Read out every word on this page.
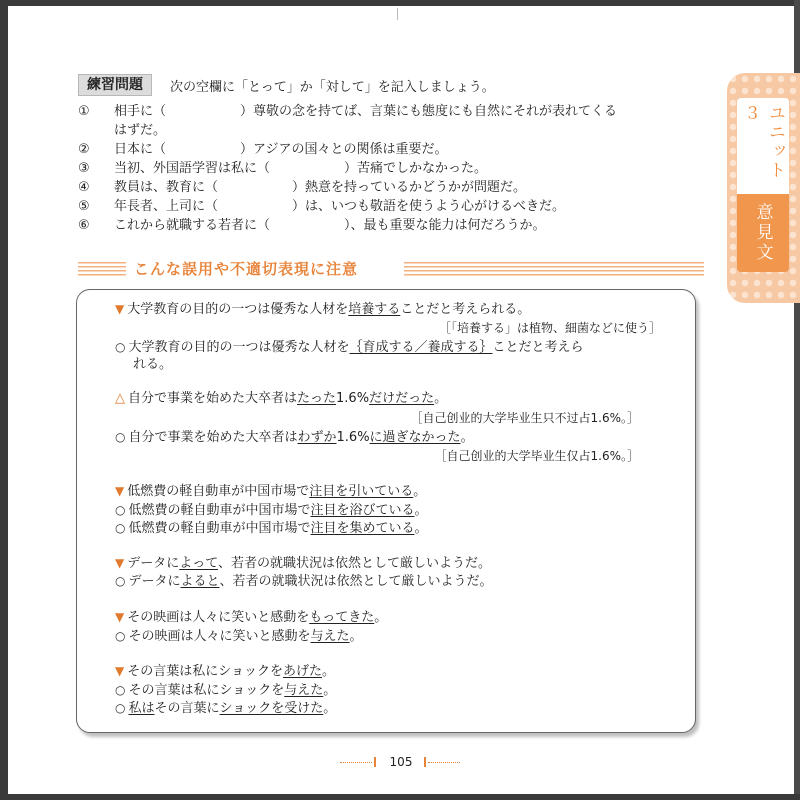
ユニット３
意見文
練習問題	次の空欄に「とって」か「対して」を記入しましょう。
①	相手に（	）尊敬の念を持てば、言葉にも態度にも自然にそれが表れてくる
はずだ。
②	日本に（	）アジアの国々との関係は重要だ。
③	当初、外国語学習は私に（	）苦痛でしかなかった。
④	教員は、教育に（	）熱意を持っているかどうかが問題だ。
⑤	年長者、上司に（	）は、いつも敬語を使うよう心がけるべきだ。
⑥	これから就職する若者に（	）、最も重要な能力は何だろうか。
こんな誤用や不適切表現に注意
▼ 大学教育の目的の一つは優秀な人材を培養することだと考えられる。
［「培養する」は植物、細菌などに使う］
○ 大学教育の目的の一つは優秀な人材を｛育成する／養成する｝ことだと考えら
れる。
△ 自分で事業を始めた大卒者はたった1.6%だけだった。
［自己创业的大学毕业生只不过占1.6%。］
○ 自分で事業を始めた大卒者はわずか1.6%に過ぎなかった。
［自己创业的大学毕业生仅占1.6%。］
▼ 低燃費の軽自動車が中国市場で注目を引いている。
○ 低燃費の軽自動車が中国市場で注目を浴びている。
○ 低燃費の軽自動車が中国市場で注目を集めている。
▼ データによって、若者の就職状況は依然として厳しいようだ。
○ データによると、若者の就職状況は依然として厳しいようだ。
▼ その映画は人々に笑いと感動をもってきた。
○ その映画は人々に笑いと感動を与えた。
▼ その言葉は私にショックをあげた。
○ その言葉は私にショックを与えた。
○ 私はその言葉にショックを受けた。
105
